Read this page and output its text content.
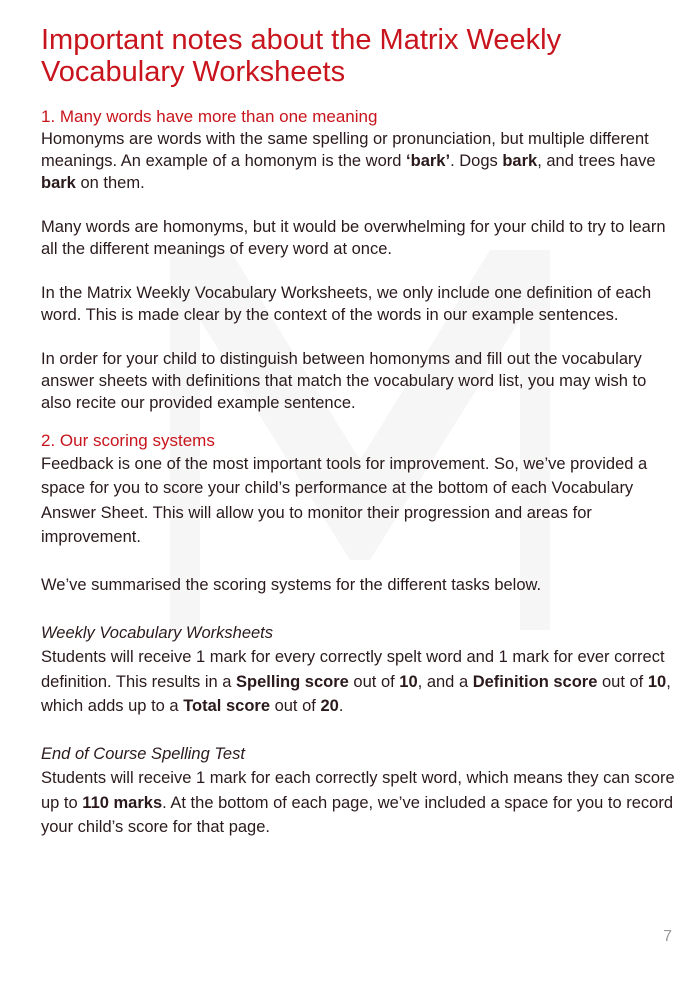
Important notes about the Matrix Weekly Vocabulary Worksheets
1. Many words have more than one meaning

Homonyms are words with the same spelling or pronunciation, but multiple different meanings. An example of a homonym is the word ‘bark’. Dogs bark, and trees have bark on them.

Many words are homonyms, but it would be overwhelming for your child to try to learn all the different meanings of every word at once.

In the Matrix Weekly Vocabulary Worksheets, we only include one definition of each word. This is made clear by the context of the words in our example sentences.

In order for your child to distinguish between homonyms and fill out the vocabulary answer sheets with definitions that match the vocabulary word list, you may wish to also recite our provided example sentence.

2. Our scoring systems

Feedback is one of the most important tools for improvement. So, we’ve provided a space for you to score your child’s performance at the bottom of each Vocabulary Answer Sheet. This will allow you to monitor their progression and areas for improvement.

We’ve summarised the scoring systems for the different tasks below.

Weekly Vocabulary Worksheets

Students will receive 1 mark for every correctly spelt word and 1 mark for ever correct definition. This results in a Spelling score out of 10, and a Definition score out of 10, which adds up to a Total score out of 20.

End of Course Spelling Test

Students will receive 1 mark for each correctly spelt word, which means they can score up to 110 marks. At the bottom of each page, we’ve included a space for you to record your child’s score for that page.

7
